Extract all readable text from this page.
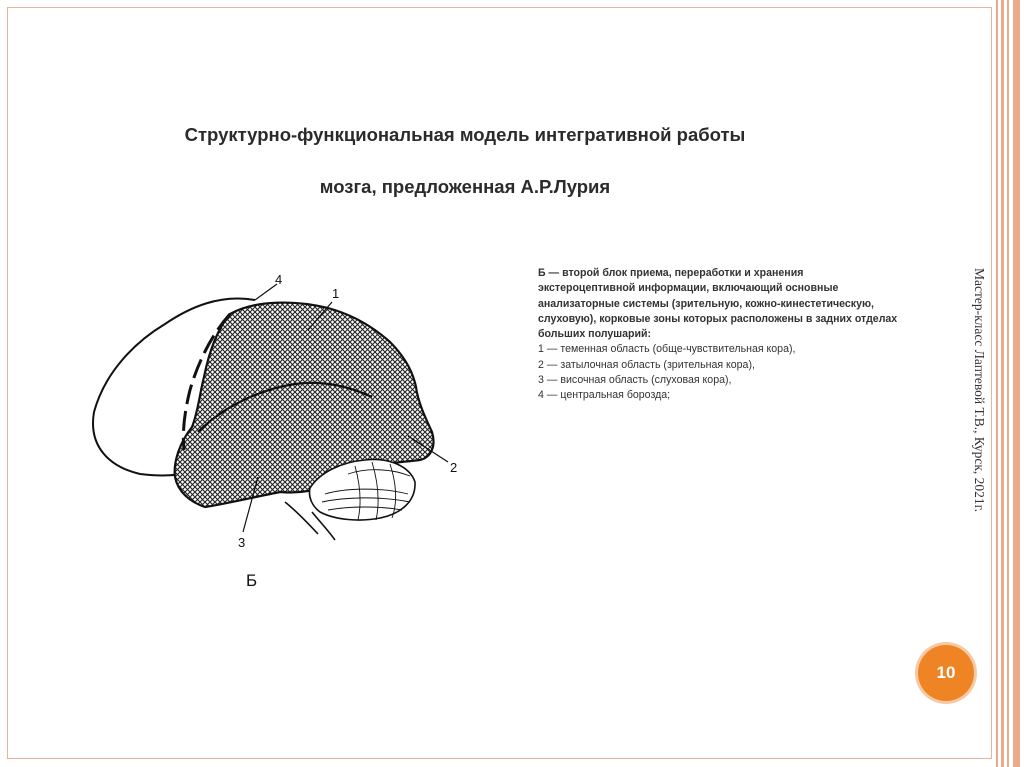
Структурно-функциональная модель интегративной работы
мозга, предложенная А.Р.Лурия
1
4
2
3
Б

Б — второй блок приема, переработки и хранения экстероцептивной информации, включающий основные анализаторные системы (зрительную, кожно-кинестетическую, слуховую), корковые зоны которых расположены в задних отделах больших полушарий:

1 — теменная область (обще-чувствительная кора),

2 — затылочная область (зрительная кора),

3 — височная область (слуховая кора),

4 — центральная борозда;	Мастер-класс Лаптевой Т.В., Курск, 2021г.
10
